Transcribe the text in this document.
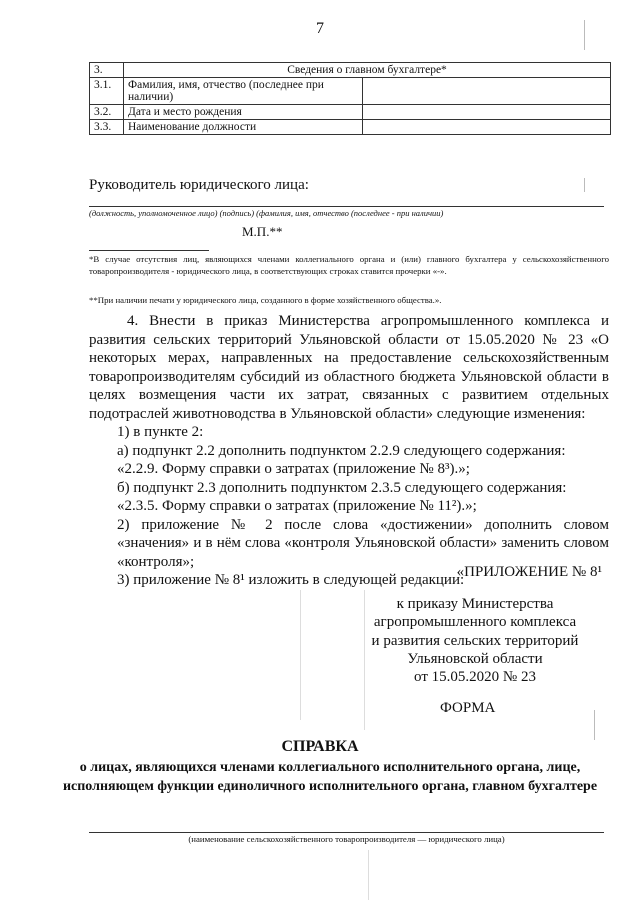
7
3.	Сведения о главном бухгалтере*	
3.1.	Фамилия, имя, отчество (последнее при наличии)	
3.2.	Дата и место рождения	
3.3.	Наименование должности	
Руководитель юридического лица:
(должность, уполномоченное лицо) (подпись) (фамилия, имя, отчество (последнее - при наличии)
М.П.**
*В случае отсутствия лиц, являющихся членами коллегиального органа и (или) главного бухгалтера у сельскохозяйственного товаропроизводителя - юридического лица, в соответствующих строках ставится прочерки «-».
**При наличии печати у юридического лица, созданного в форме хозяйственного общества.».

4. Внести в приказ Министерства агропромышленного комплекса и развития сельских территорий Ульяновской области от 15.05.2020 № 23 «О некоторых мерах, направленных на предоставление сельскохозяйственным товаропроизводителям субсидий из областного бюджета Ульяновской области в целях возмещения части их затрат, связанных с развитием отдельных подотраслей животноводства в Ульяновской области» следующие изменения:

1) в пункте 2:

а) подпункт 2.2 дополнить подпунктом 2.2.9 следующего содержания:

«2.2.9. Форму справки о затратах (приложение № 8³).»;

б) подпункт 2.3 дополнить подпунктом 2.3.5 следующего содержания:

«2.3.5. Форму справки о затратах (приложение № 11²).»;

2) приложение № 2 после слова «достижении» дополнить словом «значения» и в нём слова «контроля Ульяновской области» заменить словом «контроля»;

3) приложение № 8¹ изложить в следующей редакции:

«ПРИЛОЖЕНИЕ № 8¹
к приказу Министерства
агропромышленного комплекса
и развития сельских территорий
Ульяновской области
от 15.05.2020 № 23
ФОРМА
СПРАВКА
о лицах, являющихся членами коллегиального исполнительного органа, лице, исполняющем функции единоличного исполнительного органа, главном бухгалтере
(наименование сельскохозяйственного товаропроизводителя — юридического лица)
